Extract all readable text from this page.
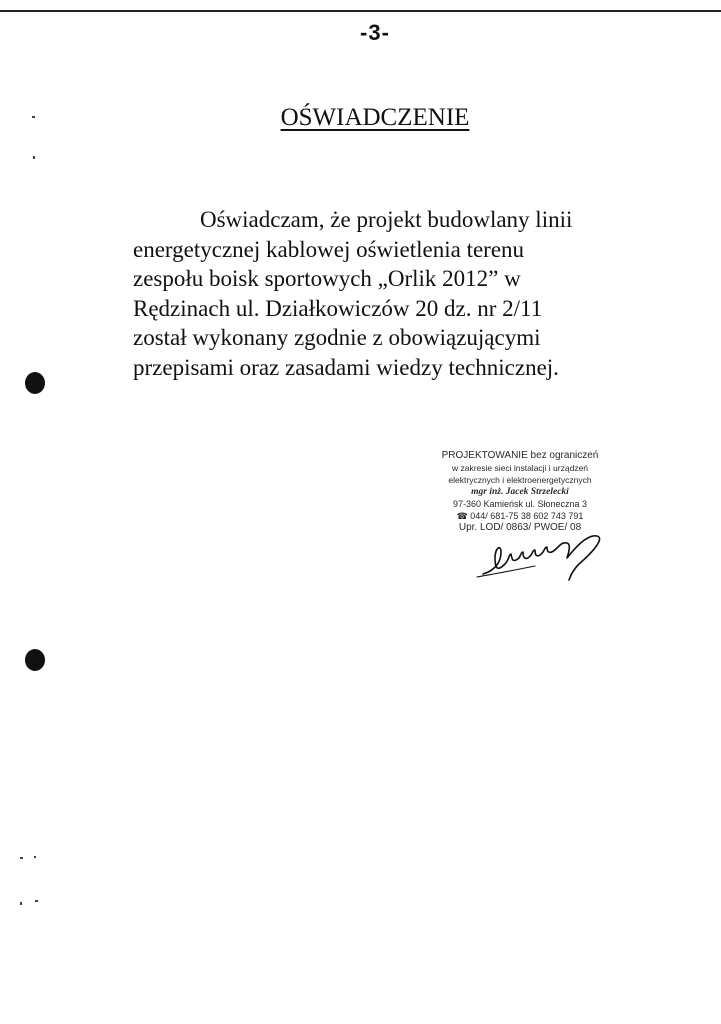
-3-
OŚWIADCZENIE
Oświadczam, że projekt budowlany linii
energetycznej kablowej oświetlenia terenu
zespołu boisk sportowych „Orlik 2012” w
Rędzinach ul. Działkowiczów 20 dz. nr 2/11
został wykonany zgodnie z obowiązującymi
przepisami oraz zasadami wiedzy technicznej.
PROJEKTOWANIE bez ograniczeń
w zakresie sieci instalacji i urządzeń
elektrycznych i elektroenergetycznych
mgr inż. Jacek Strzelecki
97-360 Kamieńsk ul. Słoneczna 3
☎ 044/ 681-75 38 602 743 791
Upr. LOD/ 0863/ PWOE/ 08
